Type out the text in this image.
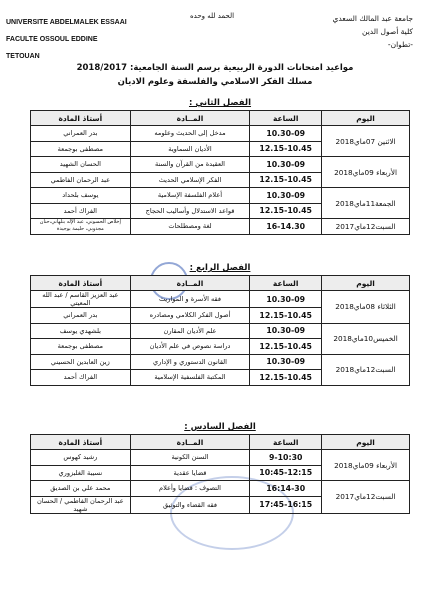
UNIVERSITE ABDELMALEK ESSAAI
FACULTE OSSOUL EDDINE
TETOUAN
الحمد لله وحده	جامعة عبد المالك السعدي
كلية أصول الدين
-تطوان-
مواعيد امتحانات الدورة الربيعية برسم السنة الجامعية: 2018/2017
مسلك الفكر الاسلامي والفلسفة وعلوم الاديان
الفصل الثاني :
اليوم	الساعة	المــادة	أستاذ المادة
الاثنين 07ماي2018	10.30-09	مدخل إلى الحديث وعلومه	بدر العمراني
	12.15-10.45	الأديان السماوية	مصطفى بوجمعة
الأربعاء 09ماي2018	10.30-09	العقيدة من القرآن والسنة	الحسان الشهيد
	12.15-10.45	الفكر الإسلامي الحديث	عبد الرحمان الفاطمي
الجمعة11ماي2018	10.30-09	أعلام الفلسفة الإسلامية	يوسف بلحداد
	12.15-10.45	قواعد الاستدلال وأساليب الحجاج	الفراك أحمد
السبت12ماي2017	16-14.30	لغة ومصطلحات	إخلاص الحسوني، عبد الإله بنلهاني،حنان مجدوبي، حليمة بوجيدة
الفصل الرابع :
اليوم	الساعة	المــادة	أستاذ المادة
الثلاثاء 08ماي2018	10.30-09	فقه الأسرة و المواريث	عبد العزيز القاسم / عبد الله المعيتي
	12.15-10.45	أصول الفكر الكلامي ومصادره	بدر العمراني
الخميس10ماي2018	10.30-09	علم الأديان المقارن	بلشهدي يوسف
	12.15-10.45	دراسة نصوص في علم الأديان	مصطفى بوجمعة
السبت12ماي2018	10.30-09	القانون الدستوري و الإداري	زين العابدين الحسيني
	12.15-10.45	المكتبة الفلسفية الإسلامية	الفراك أحمد
الفصل السادس :
اليوم	الساعة	المــادة	أستاذ المادة
الأربعاء 09ماي2018	9-10:30	السنن الكونية	رشيد كهوس
	10:45-12:15	قضايا عقدية	نسيبة الغلبزوري
السبت12ماي2017	16:14-30	التصوف : قضايا وأعلام	محمد علي بن الصديق
	17:45-16:15	فقه القضاء والتوثيق	عبد الرحمان الفاطمي / الحسان شهيد
